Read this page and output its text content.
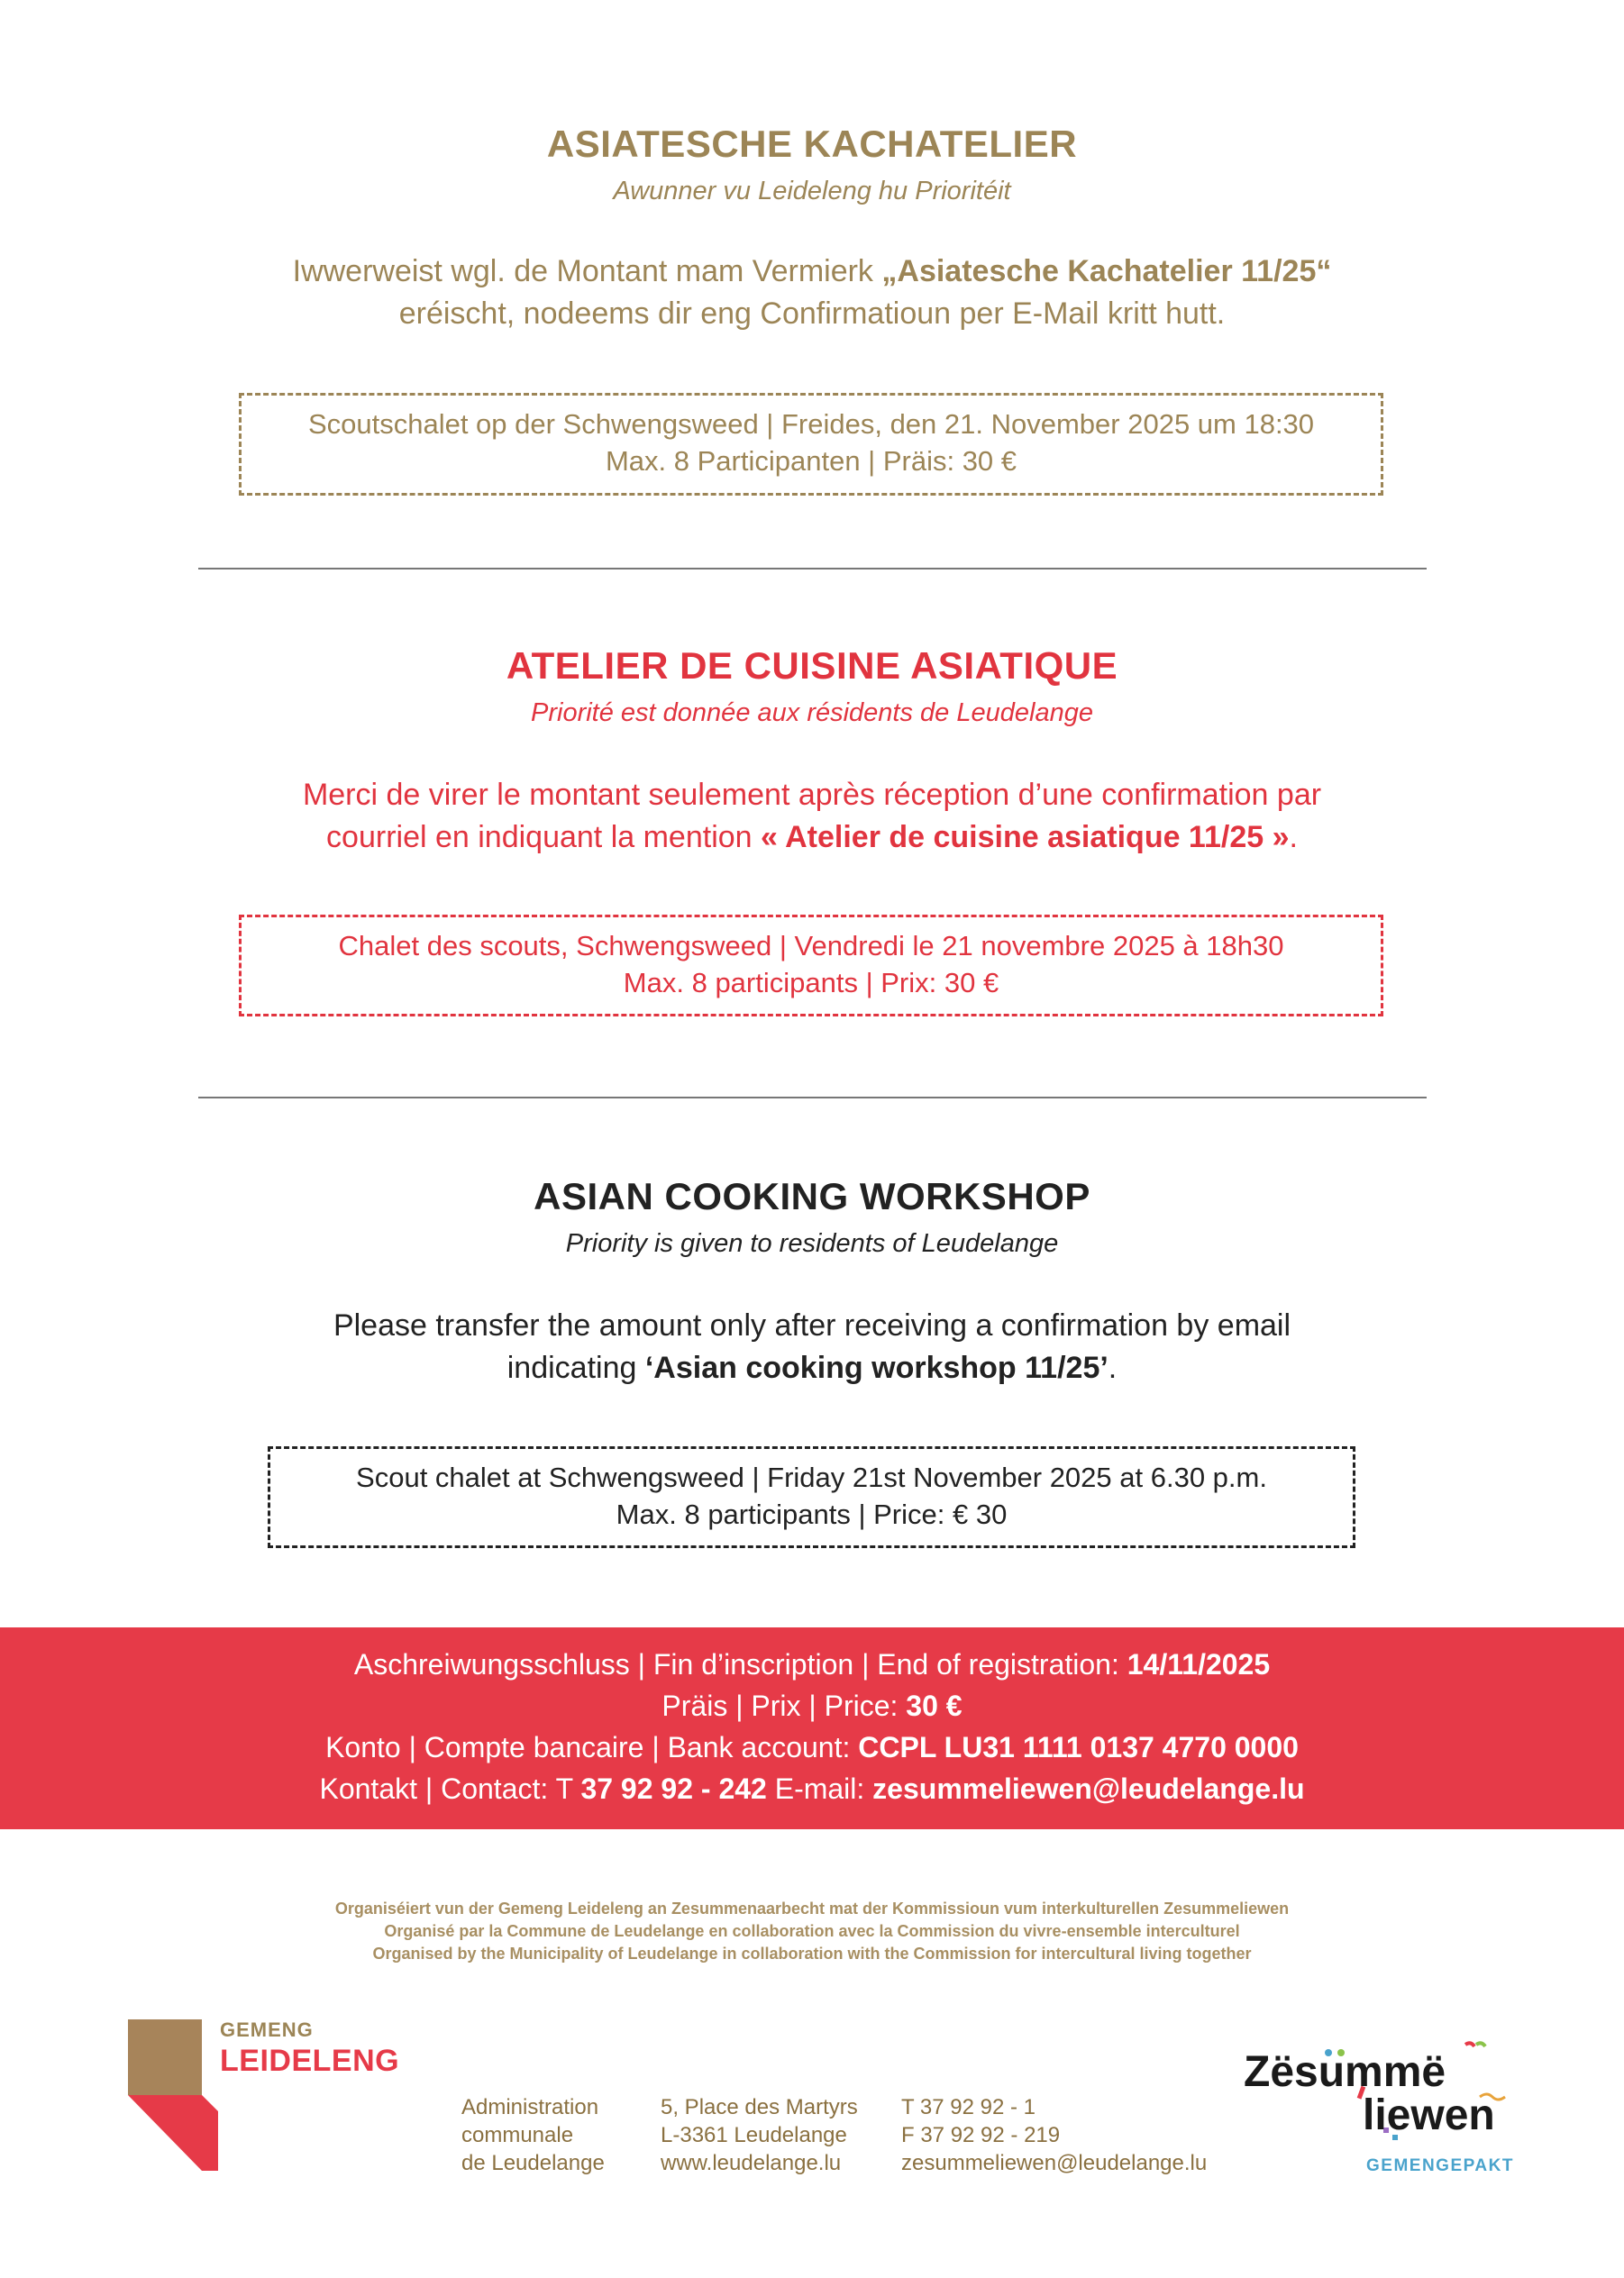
ASIATESCHE KACHATELIER
Awunner vu Leideleng hu Prioritéit
Iwwerweist wgl. de Montant mam Vermierk „Asiatesche Kachatelier 11/25“
eréischt, nodeems dir eng Confirmatioun per E-Mail kritt hutt.
Scoutschalet op der Schwengsweed | Freides, den 21. November 2025 um 18:30
Max. 8 Participanten | Präis: 30 €
ATELIER DE CUISINE ASIATIQUE
Priorité est donnée aux résidents de Leudelange
Merci de virer le montant seulement après réception d’une confirmation par
courriel en indiquant la mention « Atelier de cuisine asiatique 11/25 ».
Chalet des scouts, Schwengsweed | Vendredi le 21 novembre 2025 à 18h30
Max. 8 participants | Prix: 30 €
ASIAN COOKING WORKSHOP
Priority is given to residents of Leudelange
Please transfer the amount only after receiving a confirmation by email
indicating ‘Asian cooking workshop 11/25’.
Scout chalet at Schwengsweed | Friday 21st November 2025 at 6.30 p.m.
Max. 8 participants | Price: € 30
Aschreiwungsschluss | Fin d’inscription | End of registration: 14/11/2025
Präis | Prix | Price: 30 €
Konto | Compte bancaire | Bank account: CCPL LU31 1111 0137 4770 0000
Kontakt | Contact: T 37 92 92 - 242 E-mail: zesummeliewen@leudelange.lu
Organiséiert vun der Gemeng Leideleng an Zesummenaarbecht mat der Kommissioun vum interkulturellen Zesummeliewen
Organisé par la Commune de Leudelange en collaboration avec la Commission du vivre-ensemble interculturel
Organised by the Municipality of Leudelange in collaboration with the Commission for intercultural living together
GEMENG
LEIDELENG
Administration
communale
de Leudelange
5, Place des Martyrs
L-3361 Leudelange
www.leudelange.lu
T 37 92 92 - 1
F 37 92 92 - 219
zesummeliewen@leudelange.lu
Zësummë
liewen
GEMENGEPAKT
